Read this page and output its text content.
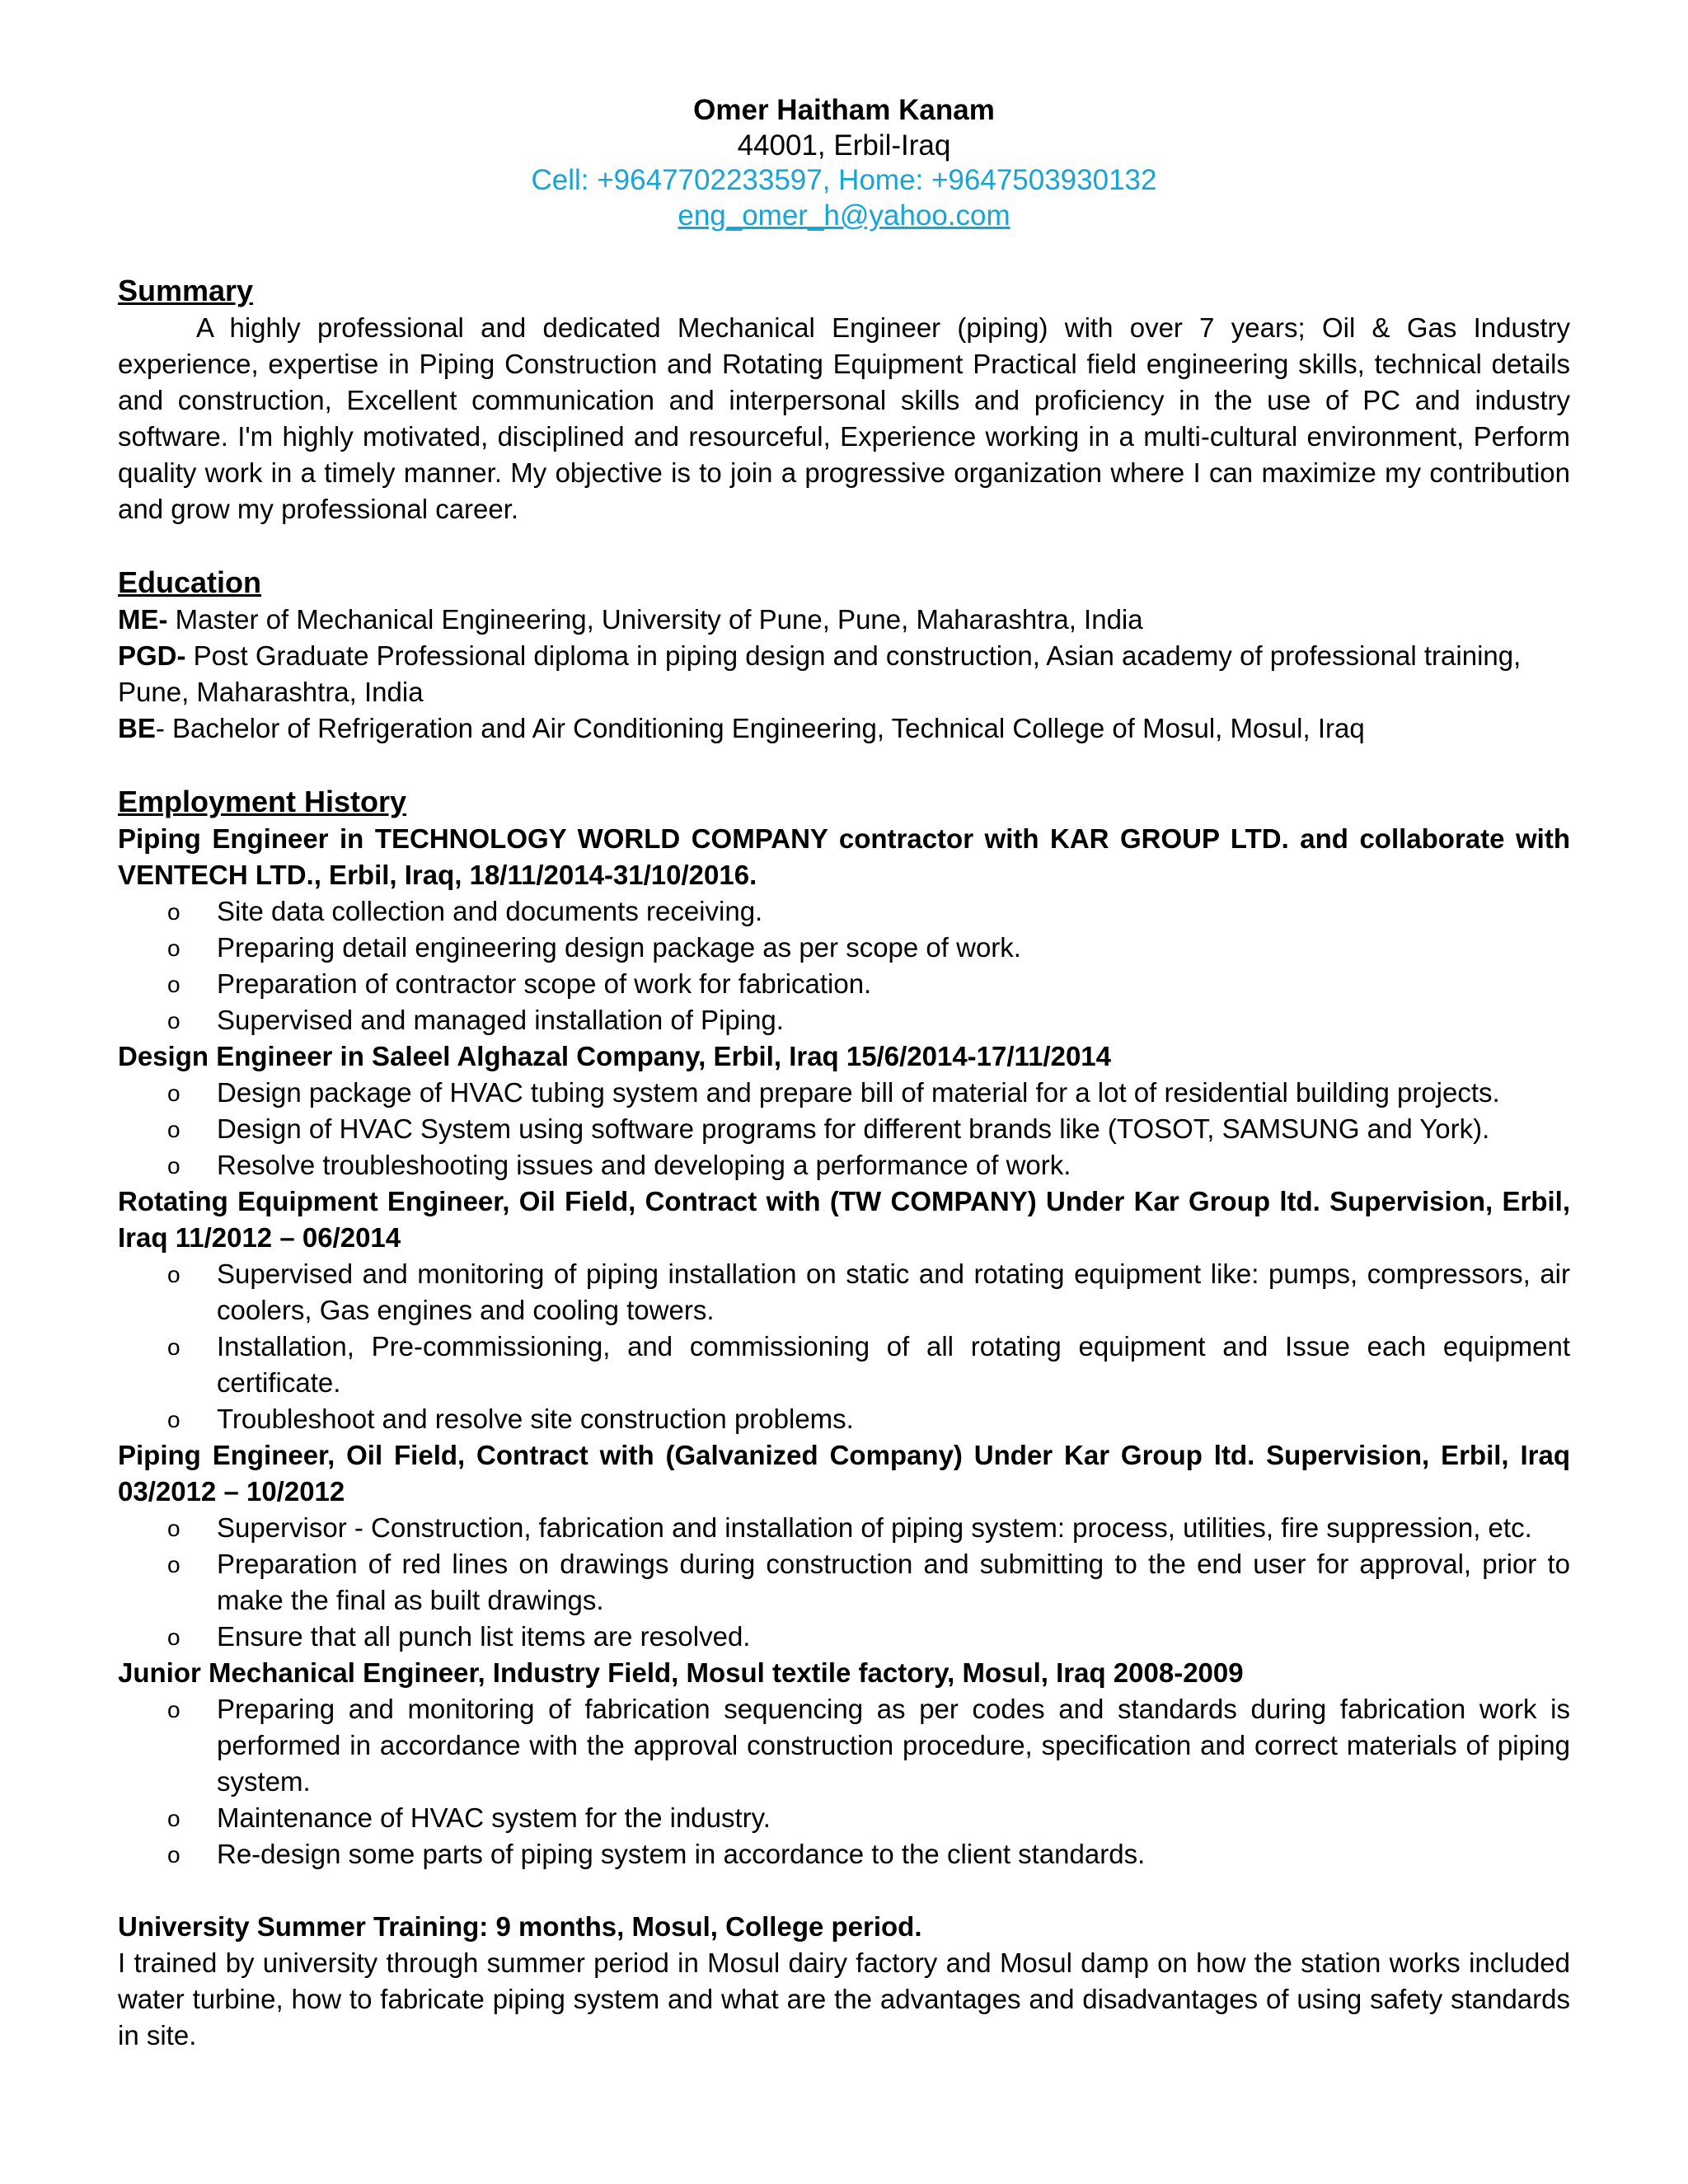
Omer Haitham Kanam
44001, Erbil-Iraq
Cell: +9647702233597, Home: +9647503930132
eng_omer_h@yahoo.com
Summary
A highly professional and dedicated Mechanical Engineer (piping) with over 7 years; Oil & Gas Industry experience, expertise in Piping Construction and Rotating Equipment Practical field engineering skills, technical details and construction, Excellent communication and interpersonal skills and proficiency in the use of PC and industry software. I'm highly motivated, disciplined and resourceful, Experience working in a multi-cultural environment, Perform quality work in a timely manner. My objective is to join a progressive organization where I can maximize my contribution and grow my professional career.
Education
ME- Master of Mechanical Engineering, University of Pune, Pune, Maharashtra, India
PGD- Post Graduate Professional diploma in piping design and construction, Asian academy of professional training, Pune, Maharashtra, India
BE- Bachelor of Refrigeration and Air Conditioning Engineering, Technical College of Mosul, Mosul, Iraq
Employment History
Piping Engineer in TECHNOLOGY WORLD COMPANY contractor with KAR GROUP LTD. and collaborate with VENTECH LTD., Erbil, Iraq, 18/11/2014-31/10/2016.
o Site data collection and documents receiving.
o Preparing detail engineering design package as per scope of work.
o Preparation of contractor scope of work for fabrication.
o Supervised and managed installation of Piping.
Design Engineer in Saleel Alghazal Company, Erbil, Iraq 15/6/2014-17/11/2014
o Design package of HVAC tubing system and prepare bill of material for a lot of residential building projects.
o Design of HVAC System using software programs for different brands like (TOSOT, SAMSUNG and York).
o Resolve troubleshooting issues and developing a performance of work.
Rotating Equipment Engineer, Oil Field, Contract with (TW COMPANY) Under Kar Group ltd. Supervision, Erbil, Iraq 11/2012 – 06/2014
o Supervised and monitoring of piping installation on static and rotating equipment like: pumps, compressors, air coolers, Gas engines and cooling towers.
o Installation, Pre-commissioning, and commissioning of all rotating equipment and Issue each equipment certificate.
o Troubleshoot and resolve site construction problems.
Piping Engineer, Oil Field, Contract with (Galvanized Company) Under Kar Group ltd. Supervision, Erbil, Iraq 03/2012 – 10/2012
o Supervisor - Construction, fabrication and installation of piping system: process, utilities, fire suppression, etc.
o Preparation of red lines on drawings during construction and submitting to the end user for approval, prior to make the final as built drawings.
o Ensure that all punch list items are resolved.
Junior Mechanical Engineer, Industry Field, Mosul textile factory, Mosul, Iraq 2008-2009
o Preparing and monitoring of fabrication sequencing as per codes and standards during fabrication work is performed in accordance with the approval construction procedure, specification and correct materials of piping system.
o Maintenance of HVAC system for the industry.
o Re-design some parts of piping system in accordance to the client standards.
University Summer Training: 9 months, Mosul, College period.
I trained by university through summer period in Mosul dairy factory and Mosul damp on how the station works included water turbine, how to fabricate piping system and what are the advantages and disadvantages of using safety standards in site.
